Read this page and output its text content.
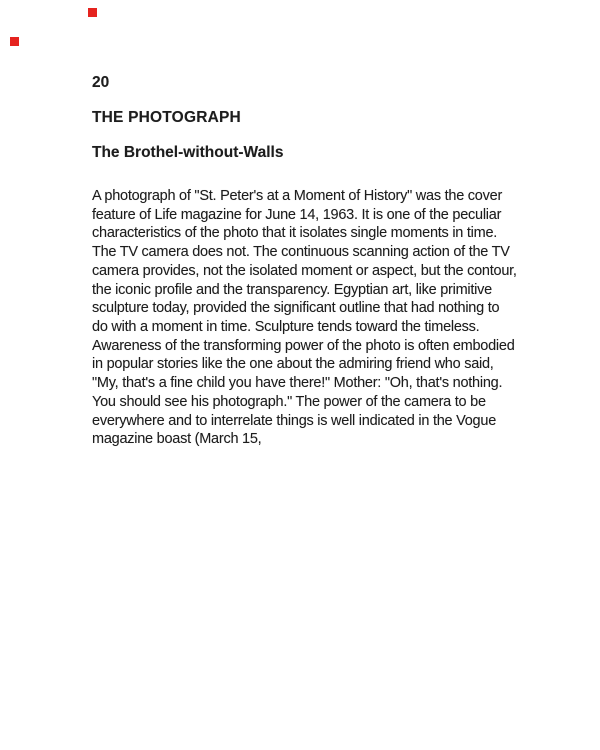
20
THE PHOTOGRAPH
The Brothel-without-Walls
A photograph of "St. Peter's at a Moment of History" was the cover
feature of Life magazine for June 14, 1963. It is one of the peculiar
characteristics of the photo that it isolates single moments in time.
The TV camera does not. The continuous scanning action of the TV
camera provides, not the isolated moment or aspect, but the contour,
the iconic profile and the transparency. Egyptian art, like primitive
sculpture today, provided the significant outline that had nothing to
do with a moment in time. Sculpture tends toward the timeless.
Awareness of the transforming power of the photo is often embodied
in popular stories like the one about the admiring friend who said,
"My, that's a fine child you have there!" Mother: "Oh, that's nothing.
You should see his photograph." The power of the camera to be
everywhere and to interrelate things is well indicated in the Vogue
magazine boast (March 15,
